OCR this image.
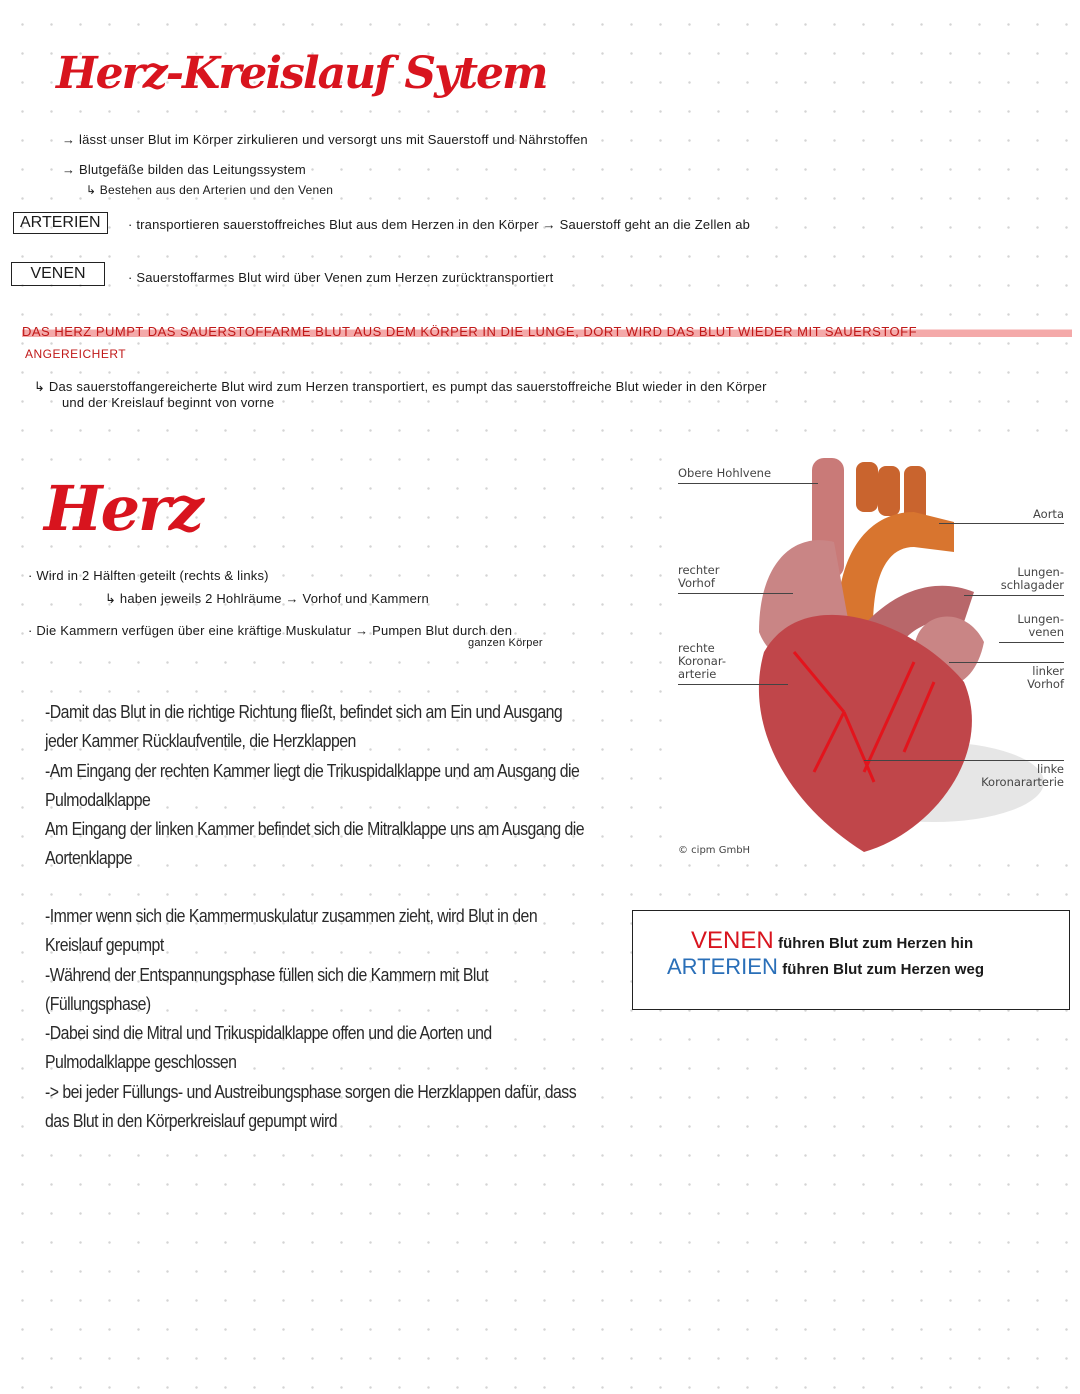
Herz-Kreislauf Sytem
→ lässt unser Blut im Körper zirkulieren und versorgt uns mit Sauerstoff und Nährstoffen
→ Blutgefäße bilden das Leitungssystem
↳ Bestehen aus den Arterien und den Venen
ARTERIEN	· transportieren sauerstoffreiches Blut aus dem Herzen in den Körper → Sauerstoff geht an die Zellen ab
VENEN	· Sauerstoffarmes Blut wird über Venen zum Herzen zurücktransportiert
DAS HERZ PUMPT DAS SAUERSTOFFARME BLUT AUS DEM KÖRPER IN DIE LUNGE, DORT WIRD DAS BLUT WIEDER MIT SAUERSTOFF
ANGEREICHERT
↳ Das sauerstoffangereicherte Blut wird zum Herzen transportiert, es pumpt das sauerstoffreiche Blut wieder in den Körper
und der Kreislauf beginnt von vorne
Herz
· Wird in 2 Hälften geteilt (rechts & links)
↳ haben jeweils 2 Hohlräume → Vorhof und Kammern
· Die Kammern verfügen über eine kräftige Muskulatur → Pumpen Blut durch den
ganzen Körper
-Damit das Blut in die richtige Richtung fließt, befindet sich am Ein und Ausgang
jeder Kammer Rücklaufventile, die Herzklappen
-Am Eingang der rechten Kammer liegt die Trikuspidalklappe und am Ausgang die
Pulmodalklappe
Am Eingang der linken Kammer befindet sich die Mitralklappe uns am Ausgang die
Aortenklappe
-Immer wenn sich die Kammermuskulatur zusammen zieht, wird Blut in den
Kreislauf gepumpt
-Während der Entspannungsphase füllen sich die Kammern mit Blut
(Füllungsphase)
-Dabei sind die Mitral und Trikuspidalklappe offen und die Aorten und
Pulmodalklappe geschlossen
-> bei jeder Füllungs- und Austreibungsphase sorgen die Herzklappen dafür, dass
das Blut in den Körperkreislauf gepumpt wird
Obere Hohlvene
Aorta
rechter
Vorhof
Lungen-
schlagader
Lungen-
venen
rechte
Koronar-
arterie	linker
Vorhof
linke
Koronararterie
© cipm GmbH
VENEN führen Blut zum Herzen hin
ARTERIEN führen Blut zum Herzen weg
